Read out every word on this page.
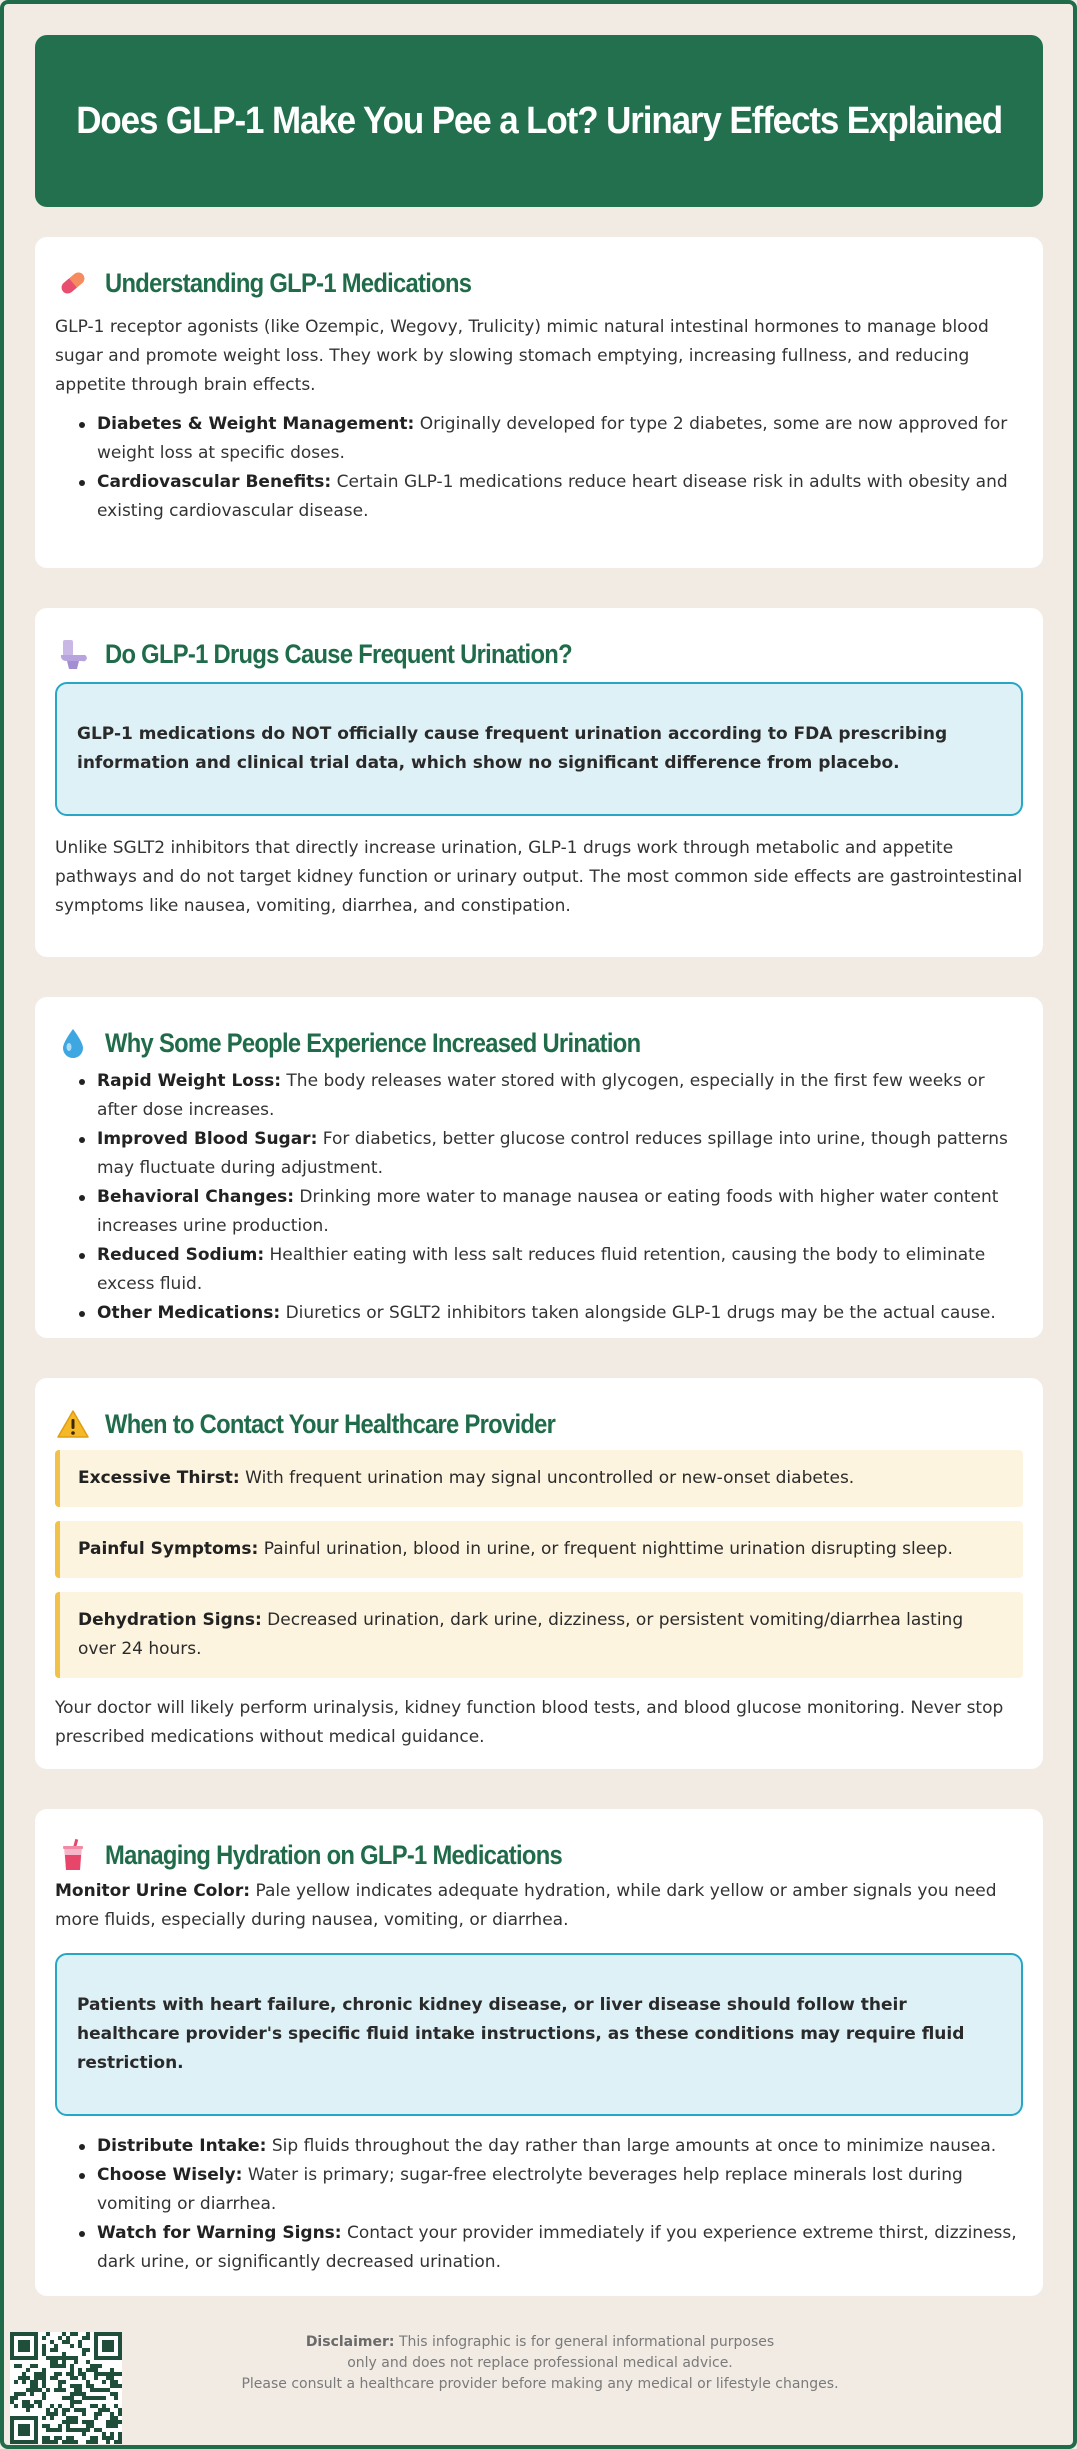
Does GLP-1 Make You Pee a Lot? Urinary Effects Explained
Understanding GLP-1 Medications

GLP-1 receptor agonists (like Ozempic, Wegovy, Trulicity) mimic natural intestinal hormones to manage blood sugar and promote weight loss. They work by slowing stomach emptying, increasing fullness, and reducing appetite through brain effects.

Diabetes & Weight Management: Originally developed for type 2 diabetes, some are now approved for weight loss at specific doses.
Cardiovascular Benefits: Certain GLP-1 medications reduce heart disease risk in adults with obesity and existing cardiovascular disease.
Do GLP-1 Drugs Cause Frequent Urination?

GLP-1 medications do NOT officially cause frequent urination according to FDA prescribing information and clinical trial data, which show no significant difference from placebo.

Unlike SGLT2 inhibitors that directly increase urination, GLP-1 drugs work through metabolic and appetite pathways and do not target kidney function or urinary output. The most common side effects are gastrointestinal symptoms like nausea, vomiting, diarrhea, and constipation.

Why Some People Experience Increased Urination
Rapid Weight Loss: The body releases water stored with glycogen, especially in the first few weeks or after dose increases.
Improved Blood Sugar: For diabetics, better glucose control reduces spillage into urine, though patterns may fluctuate during adjustment.
Behavioral Changes: Drinking more water to manage nausea or eating foods with higher water content increases urine production.
Reduced Sodium: Healthier eating with less salt reduces fluid retention, causing the body to eliminate excess fluid.
Other Medications: Diuretics or SGLT2 inhibitors taken alongside GLP-1 drugs may be the actual cause.
When to Contact Your Healthcare Provider
Excessive Thirst: With frequent urination may signal uncontrolled or new-onset diabetes.
Painful Symptoms: Painful urination, blood in urine, or frequent nighttime urination disrupting sleep.
Dehydration Signs: Decreased urination, dark urine, dizziness, or persistent vomiting/diarrhea lasting over 24 hours.

Your doctor will likely perform urinalysis, kidney function blood tests, and blood glucose monitoring. Never stop prescribed medications without medical guidance.

Managing Hydration on GLP-1 Medications

Monitor Urine Color: Pale yellow indicates adequate hydration, while dark yellow or amber signals you need more fluids, especially during nausea, vomiting, or diarrhea.

Patients with heart failure, chronic kidney disease, or liver disease should follow their healthcare provider's specific fluid intake instructions, as these conditions may require fluid restriction.

Distribute Intake: Sip fluids throughout the day rather than large amounts at once to minimize nausea.
Choose Wisely: Water is primary; sugar-free electrolyte beverages help replace minerals lost during vomiting or diarrhea.
Watch for Warning Signs: Contact your provider immediately if you experience extreme thirst, dizziness, dark urine, or significantly decreased urination.
Disclaimer: This infographic is for general informational purposes
only and does not replace professional medical advice.
Please consult a healthcare provider before making any medical or lifestyle changes.
